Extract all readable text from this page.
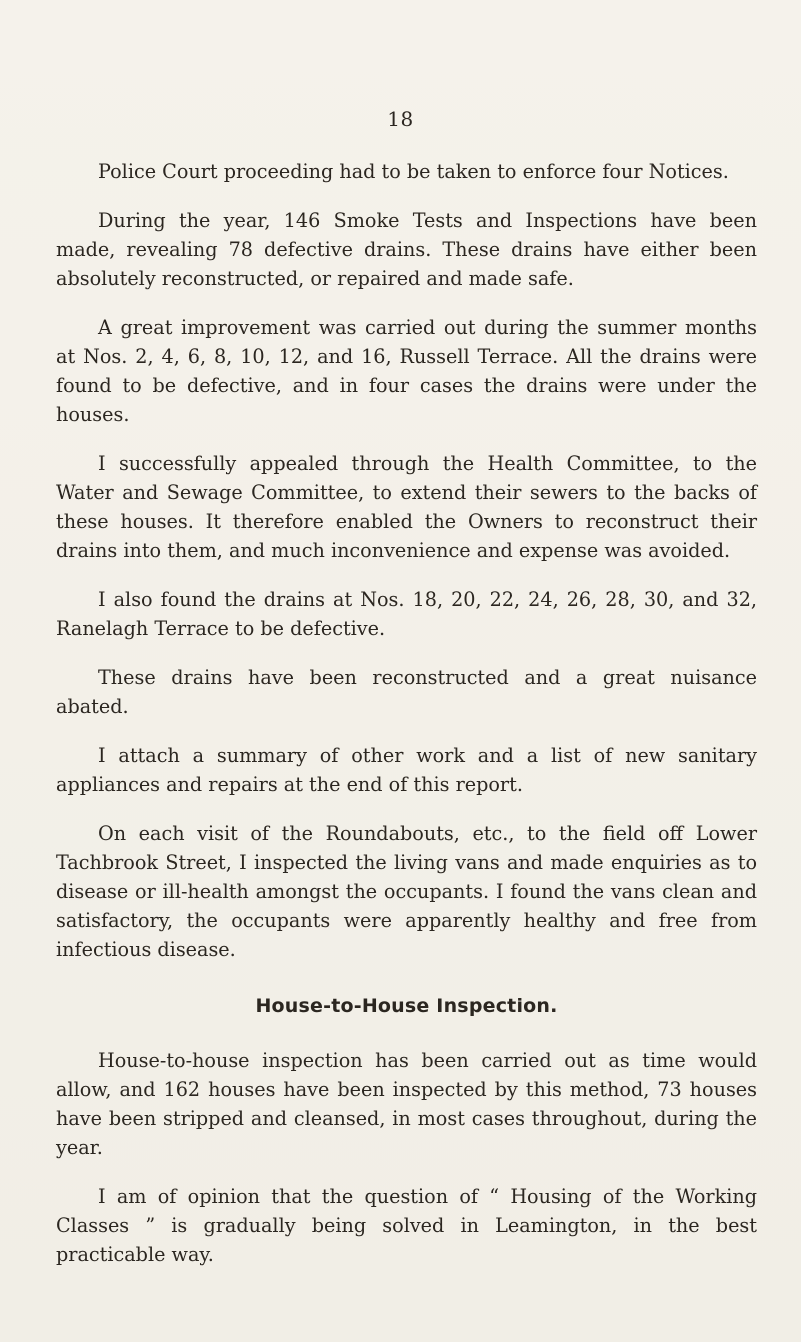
18

Police Court proceeding had to be taken to enforce four Notices.

During the year, 146 Smoke Tests and Inspections have been made, revealing 78 defective drains. These drains have either been absolutely reconstructed, or repaired and made safe.

A great improvement was carried out during the summer months at Nos. 2, 4, 6, 8, 10, 12, and 16, Russell Terrace. All the drains were found to be defective, and in four cases the drains were under the houses.

I successfully appealed through the Health Committee, to the Water and Sewage Committee, to extend their sewers to the backs of these houses. It therefore enabled the Owners to reconstruct their drains into them, and much inconvenience and expense was avoided.

I also found the drains at Nos. 18, 20, 22, 24, 26, 28, 30, and 32, Ranelagh Terrace to be defective.

These drains have been reconstructed and a great nuisance abated.

I attach a summary of other work and a list of new sanitary appliances and repairs at the end of this report.

On each visit of the Roundabouts, etc., to the field off Lower Tachbrook Street, I inspected the living vans and made enquiries as to disease or ill-health amongst the occupants. I found the vans clean and satisfactory, the occupants were apparently healthy and free from infectious disease.

House-to-House Inspection.

House-to-house inspection has been carried out as time would allow, and 162 houses have been inspected by this method, 73 houses have been stripped and cleansed, in most cases throughout, during the year.

I am of opinion that the question of “ Housing of the Working Classes ” is gradually being solved in Leamington, in the best practicable way.
